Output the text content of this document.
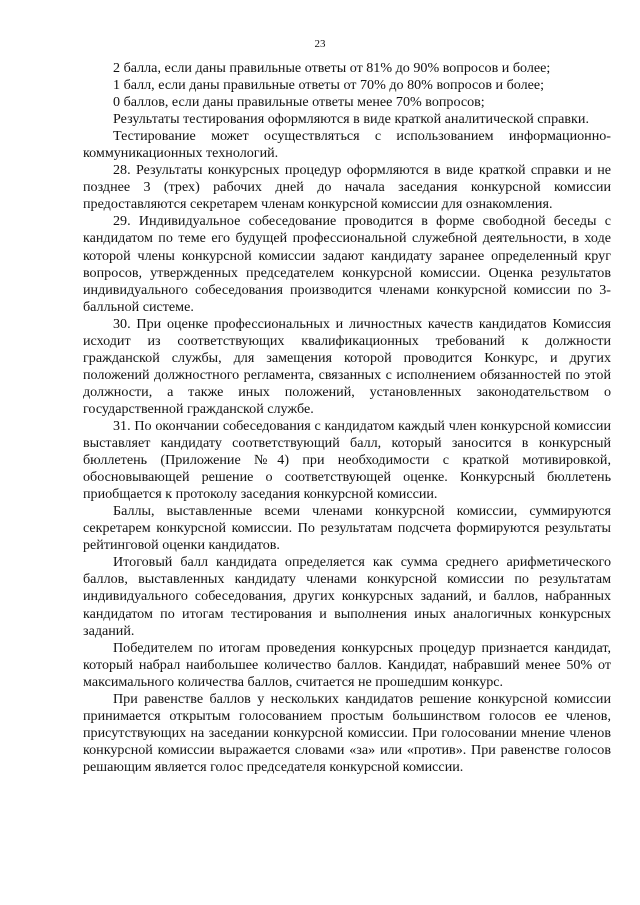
23

2 балла, если даны правильные ответы от 81% до 90% вопросов и более;

1 балл, если даны правильные ответы от 70% до 80% вопросов и более;

0 баллов, если даны правильные ответы менее 70% вопросов;

Результаты тестирования оформляются в виде краткой аналитической справки.

Тестирование может осуществляться с использованием информационно-коммуникационных технологий.

28. Результаты конкурсных процедур оформляются в виде краткой справки и не позднее 3 (трех) рабочих дней до начала заседания конкурсной комиссии предоставляются секретарем членам конкурсной комиссии для ознакомления.

29. Индивидуальное собеседование проводится в форме свободной беседы с кандидатом по теме его будущей профессиональной служебной деятельности, в ходе которой члены конкурсной комиссии задают кандидату заранее определенный круг вопросов, утвержденных председателем конкурсной комиссии. Оценка результатов индивидуального собеседования производится членами конкурсной комиссии по 3-балльной системе.

30. При оценке профессиональных и личностных качеств кандидатов Комиссия исходит из соответствующих квалификационных требований к должности гражданской службы, для замещения которой проводится Конкурс, и других положений должностного регламента, связанных с исполнением обязанностей по этой должности, а также иных положений, установленных законодательством о государственной гражданской службе.

31. По окончании собеседования с кандидатом каждый член конкурсной комиссии выставляет кандидату соответствующий балл, который заносится в конкурсный бюллетень (Приложение №4) при необходимости с краткой мотивировкой, обосновывающей решение о соответствующей оценке. Конкурсный бюллетень приобщается к протоколу заседания конкурсной комиссии.

Баллы, выставленные всеми членами конкурсной комиссии, суммируются секретарем конкурсной комиссии. По результатам подсчета формируются результаты рейтинговой оценки кандидатов.

Итоговый балл кандидата определяется как сумма среднего арифметического баллов, выставленных кандидату членами конкурсной комиссии по результатам индивидуального собеседования, других конкурсных заданий, и баллов, набранных кандидатом по итогам тестирования и выполнения иных аналогичных конкурсных заданий.

Победителем по итогам проведения конкурсных процедур признается кандидат, который набрал наибольшее количество баллов. Кандидат, набравший менее 50% от максимального количества баллов, считается не прошедшим конкурс.

При равенстве баллов у нескольких кандидатов решение конкурсной комиссии принимается открытым голосованием простым большинством голосов ее членов, присутствующих на заседании конкурсной комиссии. При голосовании мнение членов конкурсной комиссии выражается словами «за» или «против». При равенстве голосов решающим является голос председателя конкурсной комиссии.
